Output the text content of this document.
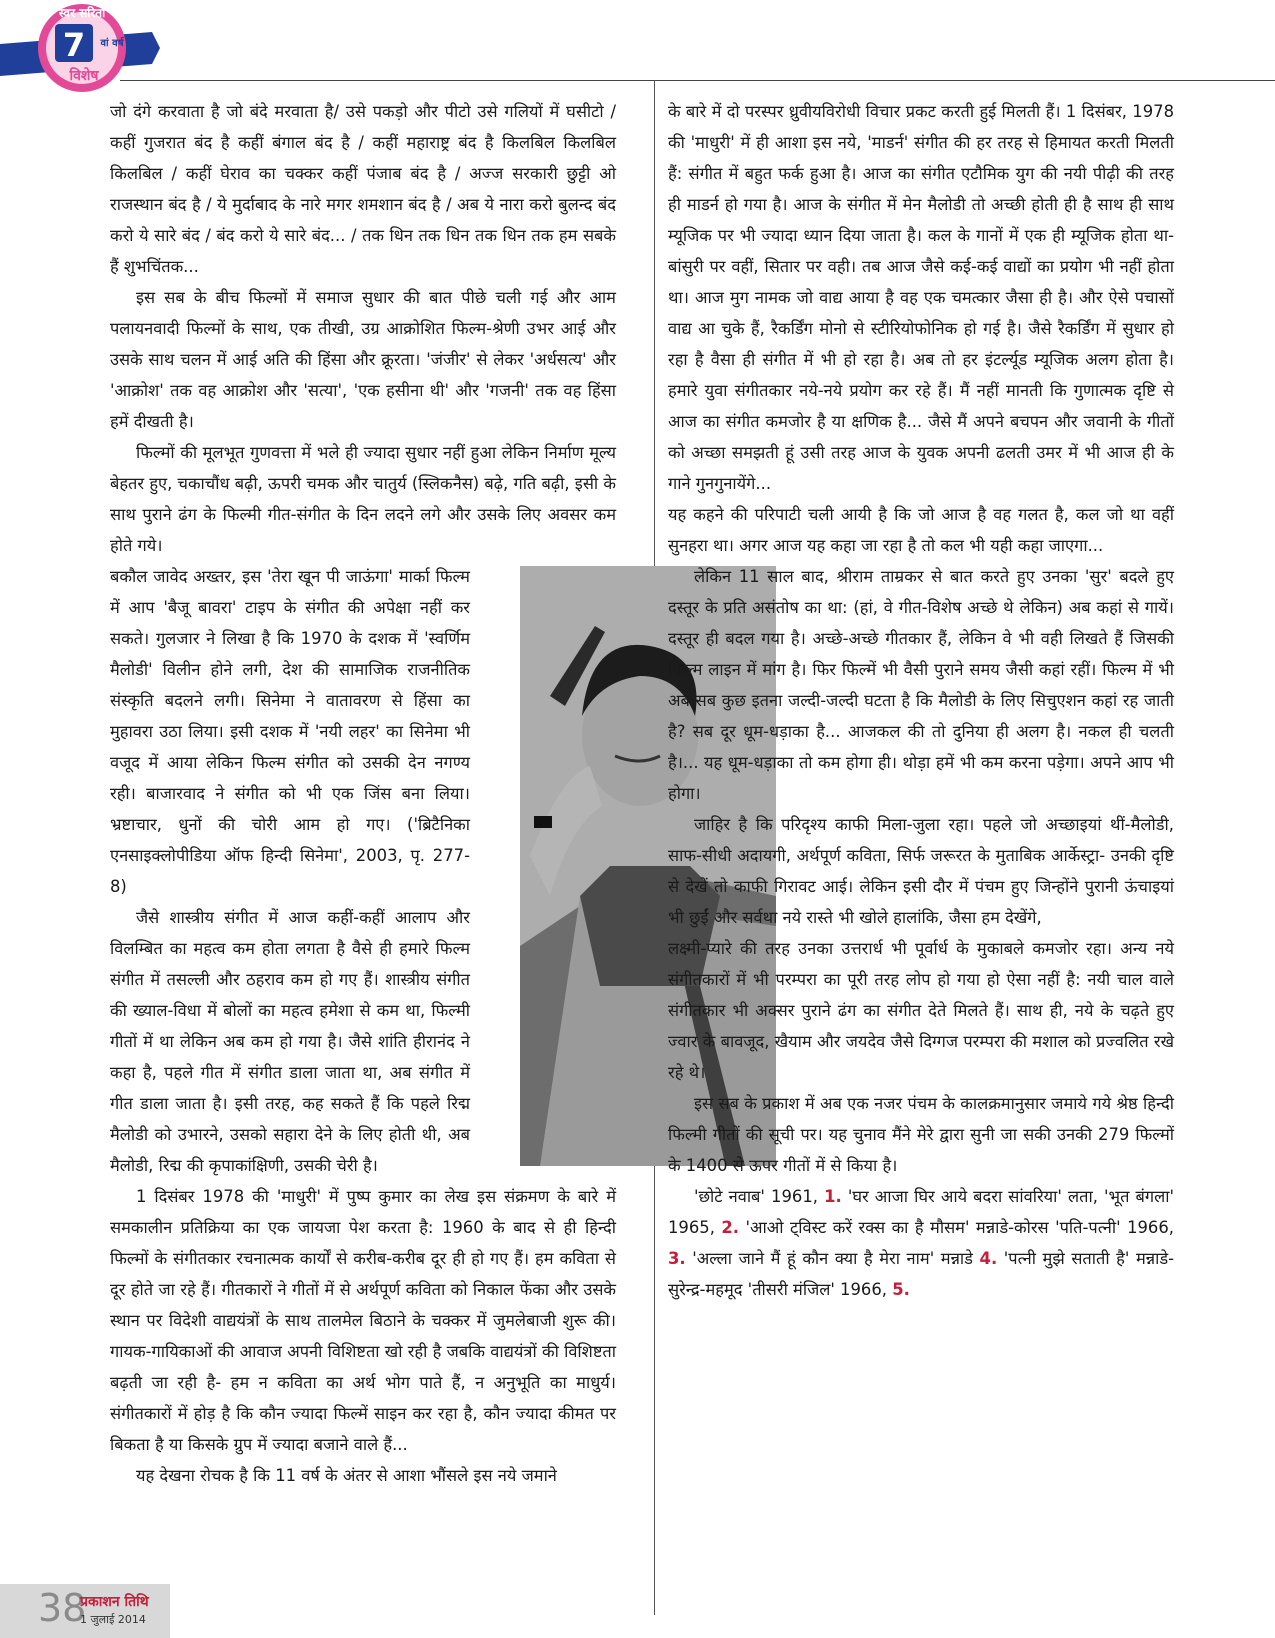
स्वर सरिता
7 वां वर्ष
विशेष

जो दंगे करवाता है जो बंदे मरवाता है/ उसे पकड़ो और पीटो उसे गलियों में घसीटो / कहीं गुजरात बंद है कहीं बंगाल बंद है / कहीं महाराष्ट्र बंद है किलबिल किलबिल किलबिल / कहीं घेराव का चक्कर कहीं पंजाब बंद है / अज्ज सरकारी छुट्टी ओ राजस्थान बंद है / ये मुर्दाबाद के नारे मगर शमशान बंद है / अब ये नारा करो बुलन्द बंद करो ये सारे बंद / बंद करो ये सारे बंद... / तक धिन तक धिन तक धिन तक हम सबके हैं शुभचिंतक...

इस सब के बीच फिल्मों में समाज सुधार की बात पीछे चली गई और आम पलायनवादी फिल्मों के साथ, एक तीखी, उग्र आक्रोशित फिल्म-श्रेणी उभर आई और उसके साथ चलन में आई अति की हिंसा और क्रूरता। 'जंजीर' से लेकर 'अर्धसत्य' और 'आक्रोश' तक वह आक्रोश और 'सत्या', 'एक हसीना थी' और 'गजनी' तक वह हिंसा हमें दीखती है।

फिल्मों की मूलभूत गुणवत्ता में भले ही ज्यादा सुधार नहीं हुआ लेकिन निर्माण मूल्य बेहतर हुए, चकाचौंध बढ़ी, ऊपरी चमक और चातुर्य (स्लिकनैस) बढ़े, गति बढ़ी, इसी के साथ पुराने ढंग के फिल्मी गीत-संगीत के दिन लदने लगे और उसके लिए अवसर कम होते गये।

बकौल जावेद अख्तर, इस 'तेरा खून पी जाऊंगा' मार्का फिल्म में आप 'बैजू बावरा' टाइप के संगीत की अपेक्षा नहीं कर सकते। गुलजार ने लिखा है कि 1970 के दशक में 'स्वर्णिम मैलोडी' विलीन होने लगी, देश की सामाजिक राजनीतिक संस्कृति बदलने लगी। सिनेमा ने वातावरण से हिंसा का मुहावरा उठा लिया। इसी दशक में 'नयी लहर' का सिनेमा भी वजूद में आया लेकिन फिल्म संगीत को उसकी देन नगण्य रही। बाजारवाद ने संगीत को भी एक जिंस बना लिया। भ्रष्टाचार, धुनों की चोरी आम हो गए। ('ब्रिटैनिका एनसाइक्लोपीडिया ऑफ हिन्दी सिनेमा', 2003, पृ. 277-8)

जैसे शास्त्रीय संगीत में आज कहीं-कहीं आलाप और विलम्बित का महत्व कम होता लगता है वैसे ही हमारे फिल्म संगीत में तसल्ली और ठहराव कम हो गए हैं। शास्त्रीय संगीत की ख्याल-विधा में बोलों का महत्व हमेशा से कम था, फिल्मी गीतों में था लेकिन अब कम हो गया है। जैसे शांति हीरानंद ने कहा है, पहले गीत में संगीत डाला जाता था, अब संगीत में गीत डाला जाता है। इसी तरह, कह सकते हैं कि पहले रिद्म मैलोडी को उभारने, उसको सहारा देने के लिए होती थी, अब मैलोडी, रिद्म की कृपाकांक्षिणी, उसकी चेरी है।

1 दिसंबर 1978 की 'माधुरी' में पुष्प कुमार का लेख इस संक्रमण के बारे में समकालीन प्रतिक्रिया का एक जायजा पेश करता है: 1960 के बाद से ही हिन्दी फिल्मों के संगीतकार रचनात्मक कार्यों से करीब-करीब दूर ही हो गए हैं। हम कविता से दूर होते जा रहे हैं। गीतकारों ने गीतों में से अर्थपूर्ण कविता को निकाल फेंका और उसके स्थान पर विदेशी वाद्ययंत्रों के साथ तालमेल बिठाने के चक्कर में जुमलेबाजी शुरू की। गायक-गायिकाओं की आवाज अपनी विशिष्टता खो रही है जबकि वाद्ययंत्रों की विशिष्टता बढ़ती जा रही है- हम न कविता का अर्थ भोग पाते हैं, न अनुभूति का माधुर्य। संगीतकारों में होड़ है कि कौन ज्यादा फिल्में साइन कर रहा है, कौन ज्यादा कीमत पर बिकता है या किसके ग्रुप में ज्यादा बजाने वाले हैं...

यह देखना रोचक है कि 11 वर्ष के अंतर से आशा भौंसले इस नये जमाने

के बारे में दो परस्पर ध्रुवीयविरोधी विचार प्रकट करती हुई मिलती हैं। 1 दिसंबर, 1978 की 'माधुरी' में ही आशा इस नये, 'माडर्न' संगीत की हर तरह से हिमायत करती मिलती हैं: संगीत में बहुत फर्क हुआ है। आज का संगीत एटौमिक युग की नयी पीढ़ी की तरह ही माडर्न हो गया है। आज के संगीत में मेन मैलोडी तो अच्छी होती ही है साथ ही साथ म्यूजिक पर भी ज्यादा ध्यान दिया जाता है। कल के गानों में एक ही म्यूजिक होता था-बांसुरी पर वहीं, सितार पर वही। तब आज जैसे कई-कई वाद्यों का प्रयोग भी नहीं होता था। आज मुग नामक जो वाद्य आया है वह एक चमत्कार जैसा ही है। और ऐसे पचासों वाद्य आ चुके हैं, रैकर्डिंग मोनो से स्टीरियोफोनिक हो गई है। जैसे रैकर्डिंग में सुधार हो रहा है वैसा ही संगीत में भी हो रहा है। अब तो हर इंटर्ल्यूड म्यूजिक अलग होता है। हमारे युवा संगीतकार नये-नये प्रयोग कर रहे हैं। मैं नहीं मानती कि गुणात्मक दृष्टि से आज का संगीत कमजोर है या क्षणिक है... जैसे मैं अपने बचपन और जवानी के गीतों को अच्छा समझती हूं उसी तरह आज के युवक अपनी ढलती उमर में भी आज ही के गाने गुनगुनायेंगे...

यह कहने की परिपाटी चली आयी है कि जो आज है वह गलत है, कल जो था वहीं सुनहरा था। अगर आज यह कहा जा रहा है तो कल भी यही कहा जाएगा...

लेकिन 11 साल बाद, श्रीराम ताम्रकर से बात करते हुए उनका 'सुर' बदले हुए दस्तूर के प्रति असंतोष का था: (हां, वे गीत-विशेष अच्छे थे लेकिन) अब कहां से गायें। दस्तूर ही बदल गया है। अच्छे-अच्छे गीतकार हैं, लेकिन वे भी वही लिखते हैं जिसकी फिल्म लाइन में मांग है। फिर फिल्में भी वैसी पुराने समय जैसी कहां रहीं। फिल्म में भी अब सब कुछ इतना जल्दी-जल्दी घटता है कि मैलोडी के लिए सिचुएशन कहां रह जाती है? सब दूर धूम-धड़ाका है... आजकल की तो दुनिया ही अलग है। नकल ही चलती है।... यह धूम-धड़ाका तो कम होगा ही। थोड़ा हमें भी कम करना पड़ेगा। अपने आप भी होगा।

जाहिर है कि परिदृश्य काफी मिला-जुला रहा। पहले जो अच्छाइयां थीं-मैलोडी, साफ-सीधी अदायगी, अर्थपूर्ण कविता, सिर्फ जरूरत के मुताबिक आर्केस्ट्रा- उनकी दृष्टि से देखें तो काफी गिरावट आई। लेकिन इसी दौर में पंचम हुए जिन्होंने पुरानी ऊंचाइयां भी छुईं और सर्वथा नये रास्ते भी खोले हालांकि, जैसा हम देखेंगे,

लक्ष्मी-प्यारे की तरह उनका उत्तरार्ध भी पूर्वार्ध के मुकाबले कमजोर रहा। अन्य नये संगीतकारों में भी परम्परा का पूरी तरह लोप हो गया हो ऐसा नहीं है: नयी चाल वाले संगीतकार भी अक्सर पुराने ढंग का संगीत देते मिलते हैं। साथ ही, नये के चढ़ते हुए ज्वार के बावजूद, खैयाम और जयदेव जैसे दिग्गज परम्परा की मशाल को प्रज्वलित रखे रहे थे।

इस सब के प्रकाश में अब एक नजर पंचम के कालक्रमानुसार जमाये गये श्रेष्ठ हिन्दी फिल्मी गीतों की सूची पर। यह चुनाव मैंने मेरे द्वारा सुनी जा सकी उनकी 279 फिल्मों के 1400 से ऊपर गीतों में से किया है।

'छोटे नवाब' 1961, 1. 'घर आजा घिर आये बदरा सांवरिया' लता, 'भूत बंगला' 1965, 2. 'आओ ट्विस्ट करें रक्स का है मौसम' मन्नाडे-कोरस 'पति-पत्नी' 1966, 3. 'अल्ला जाने मैं हूं कौन क्या है मेरा नाम' मन्नाडे 4. 'पत्नी मुझे सताती है' मन्नाडे-सुरेन्द्र-महमूद 'तीसरी मंजिल' 1966, 5.

38
प्रकाशन तिथि
1 जुलाई 2014
